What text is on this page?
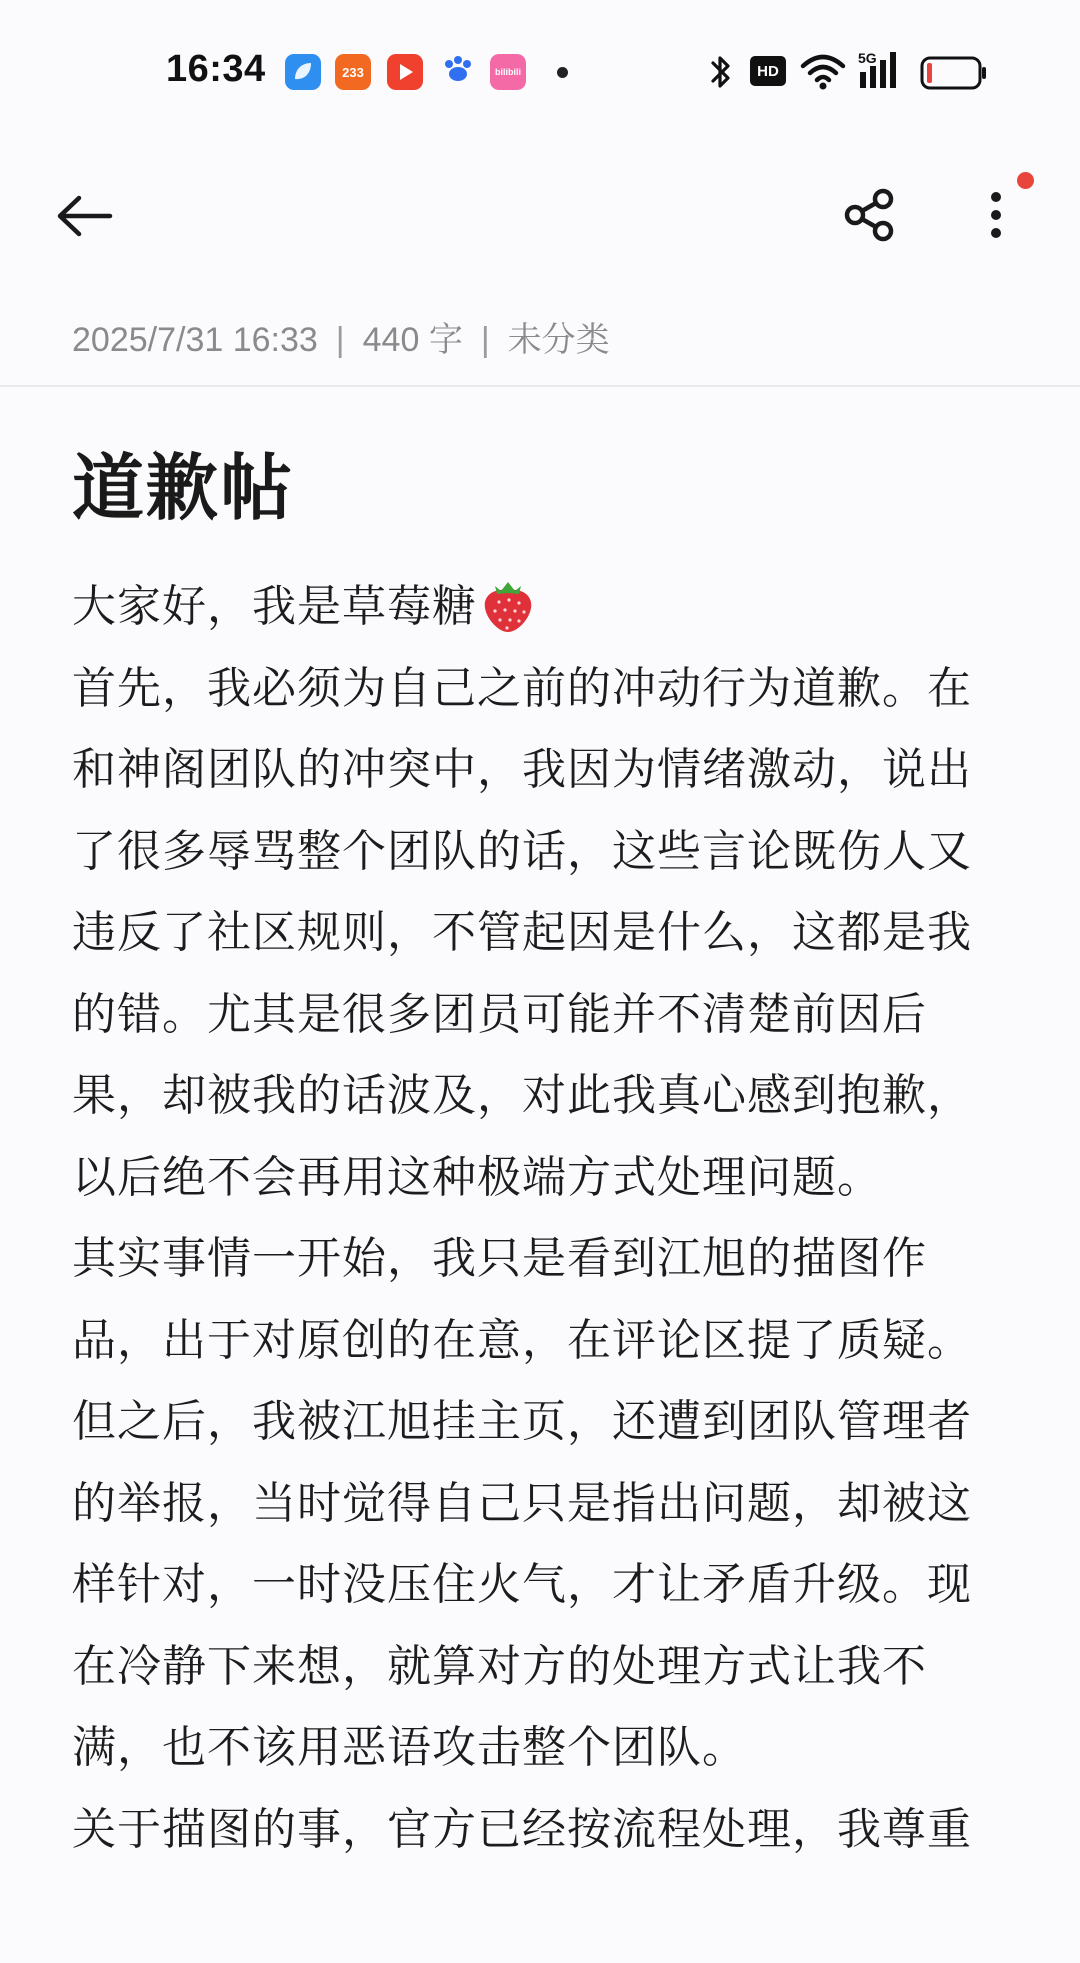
16:34	233	bilibili	HD
5G
2025/7/31 16:33 | 440 字 | 未分类
道歉帖

大家好，我是草莓糖

首先，我必须为自己之前的冲动行为道歉。在和神阁团队的冲突中，我因为情绪激动，说出了很多辱骂整个团队的话，这些言论既伤人又违反了社区规则，不管起因是什么，这都是我的错。尤其是很多团员可能并不清楚前因后果，却被我的话波及，对此我真心感到抱歉，以后绝不会再用这种极端方式处理问题。

其实事情一开始，我只是看到江旭的描图作品，出于对原创的在意，在评论区提了质疑。但之后，我被江旭挂主页，还遭到团队管理者的举报，当时觉得自己只是指出问题，却被这样针对，一时没压住火气，才让矛盾升级。现在冷静下来想，就算对方的处理方式让我不满，也不该用恶语攻击整个团队。

关于描图的事，官方已经按流程处理，我尊重
